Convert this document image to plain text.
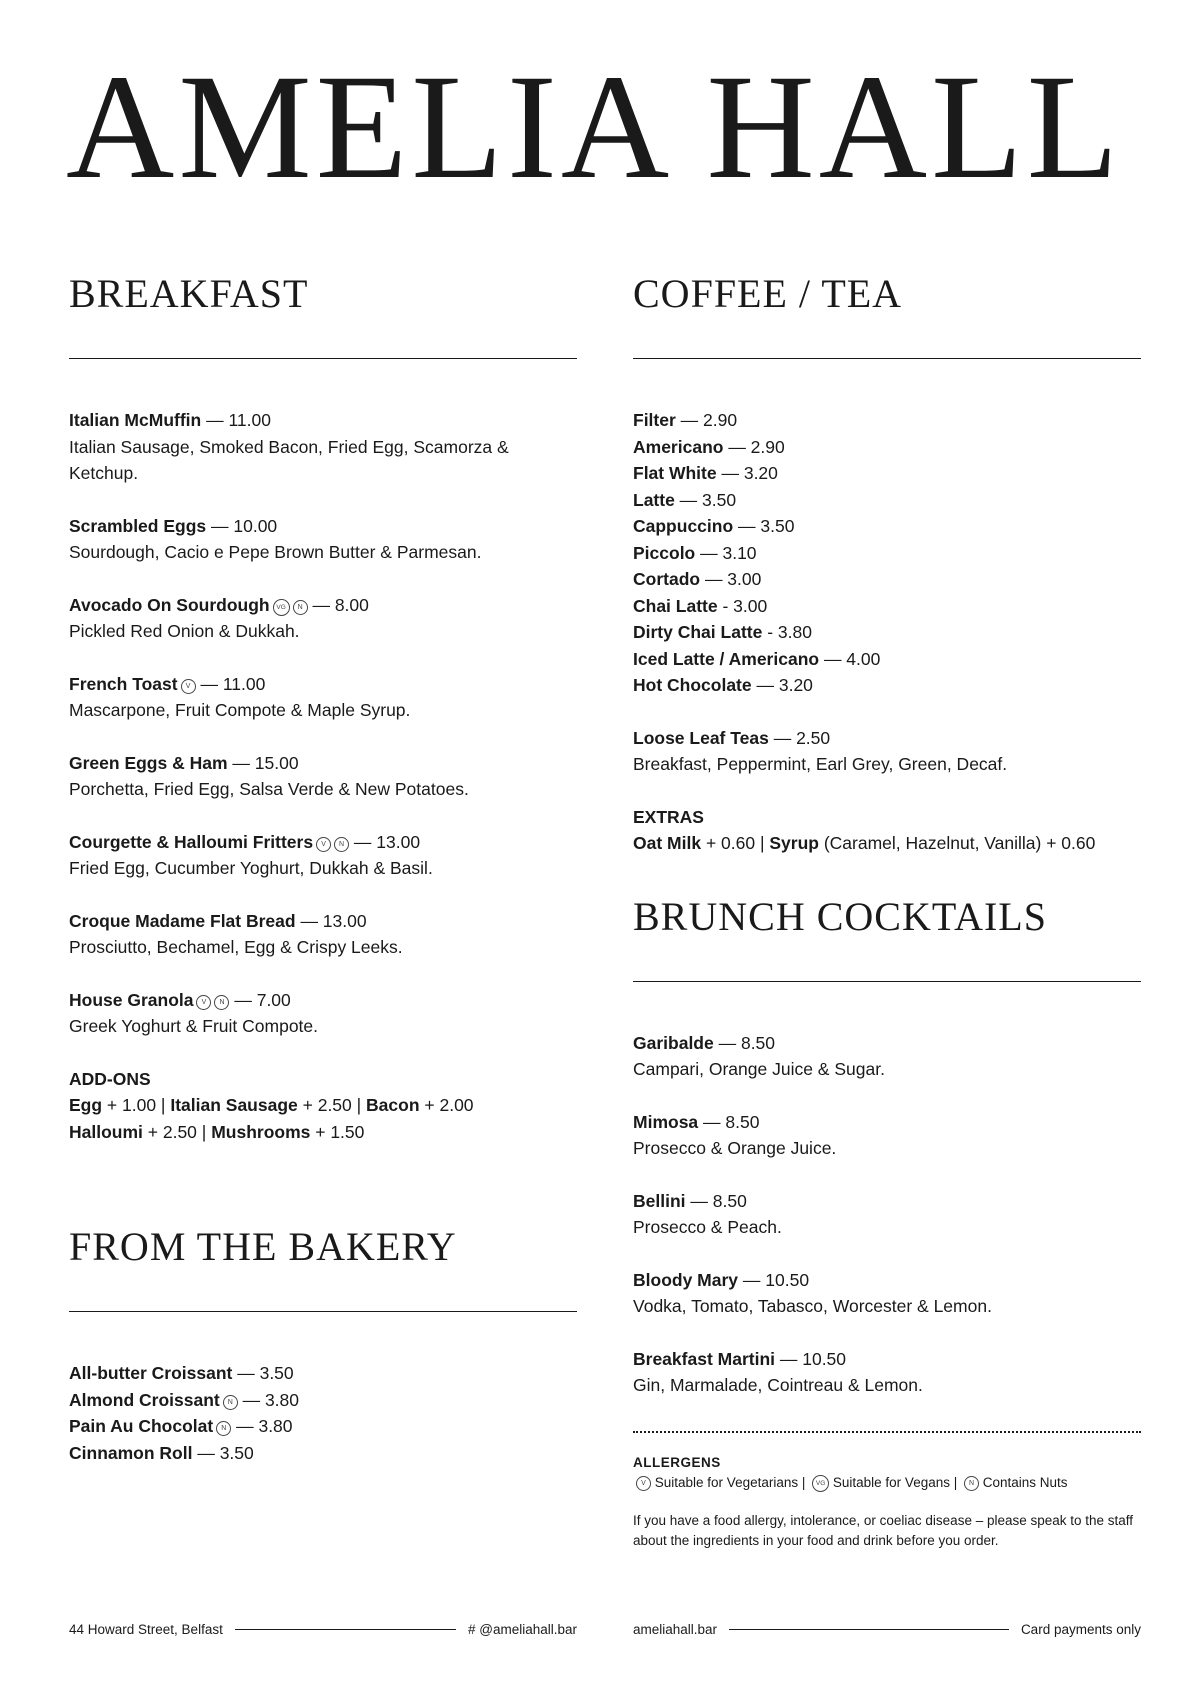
AMELIA HALL
BREAKFAST
Italian McMuffin — 11.00
Italian Sausage, Smoked Bacon, Fried Egg, Scamorza & Ketchup.
Scrambled Eggs — 10.00
Sourdough, Cacio e Pepe Brown Butter & Parmesan.
Avocado On Sourdough VG N — 8.00
Pickled Red Onion & Dukkah.
French Toast V — 11.00
Mascarpone, Fruit Compote & Maple Syrup.
Green Eggs & Ham — 15.00
Porchetta, Fried Egg, Salsa Verde & New Potatoes.
Courgette & Halloumi Fritters V N — 13.00
Fried Egg, Cucumber Yoghurt, Dukkah & Basil.
Croque Madame Flat Bread — 13.00
Prosciutto, Bechamel, Egg & Crispy Leeks.
House Granola V N — 7.00
Greek Yoghurt & Fruit Compote.
ADD-ONS
Egg + 1.00 | Italian Sausage + 2.50 | Bacon + 2.00
Halloumi + 2.50 | Mushrooms + 1.50
FROM THE BAKERY
All-butter Croissant — 3.50
Almond Croissant N — 3.80
Pain Au Chocolat N — 3.80
Cinnamon Roll — 3.50
COFFEE / TEA
Filter — 2.90
Americano — 2.90
Flat White — 3.20
Latte — 3.50
Cappuccino — 3.50
Piccolo — 3.10
Cortado — 3.00
Chai Latte - 3.00
Dirty Chai Latte - 3.80
Iced Latte / Americano — 4.00
Hot Chocolate — 3.20
Loose Leaf Teas — 2.50
Breakfast, Peppermint, Earl Grey, Green, Decaf.
EXTRAS
Oat Milk + 0.60 | Syrup (Caramel, Hazelnut, Vanilla) + 0.60
BRUNCH COCKTAILS
Garibalde — 8.50
Campari, Orange Juice & Sugar.
Mimosa — 8.50
Prosecco & Orange Juice.
Bellini — 8.50
Prosecco & Peach.
Bloody Mary — 10.50
Vodka, Tomato, Tabasco, Worcester & Lemon.
Breakfast Martini — 10.50
Gin, Marmalade, Cointreau & Lemon.
ALLERGENS
V Suitable for Vegetarians | VG Suitable for Vegans | N Contains Nuts
If you have a food allergy, intolerance, or coeliac disease – please speak to the staff about the ingredients in your food and drink before you order.
44 Howard Street, Belfast	# @ameliahall.bar	ameliahall.bar	Card payments only
